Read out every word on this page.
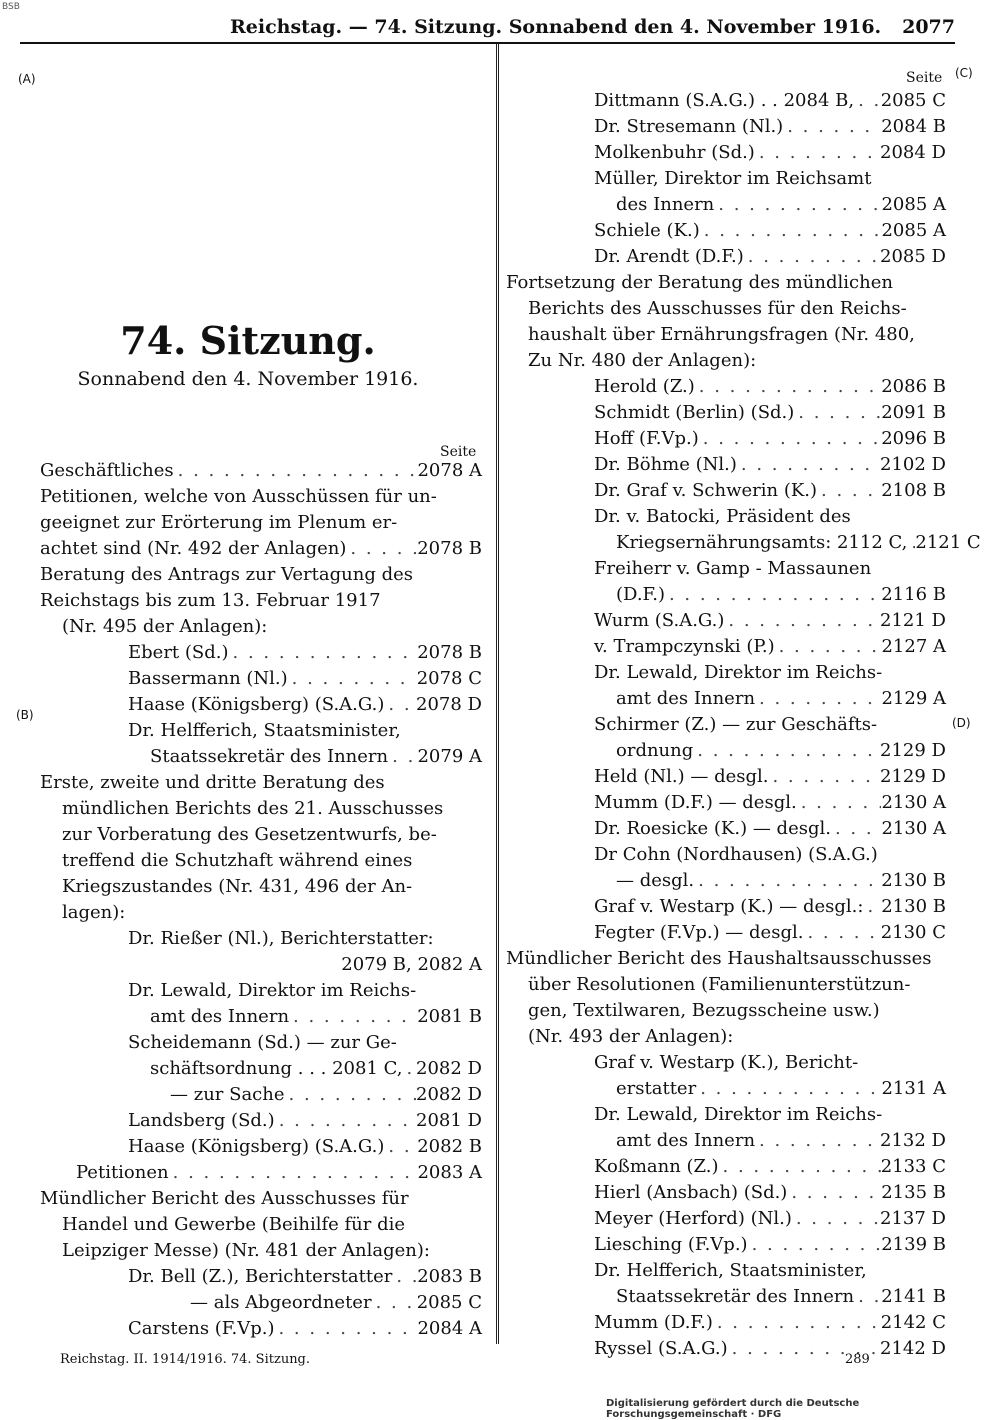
BSB
Reichstag. — 74. Sitzung. Sonnabend den 4. November 1916. 2077
(A)
(B)
(C)
(D)
74. Sitzung.
Sonnabend den 4. November 1916.
Seite
Seite
Geschäftliches . . .	2078 A
Petitionen, welche von Ausschüssen für un-
geeignet zur Erörterung im Plenum er-
achtet sind (Nr. 492 der Anlagen) . . .	2078 B
Beratung des Antrags zur Vertagung des
Reichstags bis zum 13. Februar 1917
(Nr. 495 der Anlagen):
Ebert (Sd.) . . .	2078 B
Bassermann (Nl.) . . .	2078 C
Haase (Königsberg) (S.A.G.) . . . 2078 D
Dr. Helfferich, Staatsminister,
Staatssekretär des Innern . . . 2079 A
Erste, zweite und dritte Beratung des
mündlichen Berichts des 21. Ausschusses
zur Vorberatung des Gesetzentwurfs, be-
treffend die Schutzhaft während eines
Kriegszustandes (Nr. 431, 496 der An-
lagen):
Dr. Rießer (Nl.), Berichterstatter:
2079 B, 2082 A
Dr. Lewald, Direktor im Reichs-
amt des Innern . . .	2081 B
Scheidemann (Sd.) — zur Ge-
schäftsordnung . . . 2081 C, . . . 2082 D
— zur Sache . . .	2082 D
Landsberg (Sd.) . . .	2081 D
Haase (Königsberg) (S.A.G.) . . . 2082 B
Petitionen . . .	2083 A
Mündlicher Bericht des Ausschusses für
Handel und Gewerbe (Beihilfe für die
Leipziger Messe) (Nr. 481 der Anlagen):
Dr. Bell (Z.), Berichterstatter . . . 2083 B
— als Abgeordneter . . .	2085 C
Carstens (F.Vp.) . . .	2084 A
Dittmann (S.A.G.) . . 2084 B, . . . 2085 C
Dr. Stresemann (Nl.) . . .	2084 B
Molkenbuhr (Sd.) . . .	2084 D
Müller, Direktor im Reichsamt
des Innern . . .	2085 A
Schiele (K.) . . .	2085 A
Dr. Arendt (D.F.) . . .	2085 D
Fortsetzung der Beratung des mündlichen
Berichts des Ausschusses für den Reichs-
haushalt über Ernährungsfragen (Nr. 480,
Zu Nr. 480 der Anlagen):
Herold (Z.) . . .	2086 B
Schmidt (Berlin) (Sd.) . . .	2091 B
Hoff (F.Vp.) . . .	2096 B
Dr. Böhme (Nl.) . . .	2102 D
Dr. Graf v. Schwerin (K.) . . .	2108 B
Dr. v. Batocki, Präsident des
Kriegsernährungsamts: 2112 C, . . . 2121 C
Freiherr v. Gamp - Massaunen
(D.F.) . . .	2116 B
Wurm (S.A.G.) . . .	2121 D
v. Trampczynski (P.) . . .	2127 A
Dr. Lewald, Direktor im Reichs-
amt des Innern . . .	2129 A
Schirmer (Z.) — zur Geschäfts-
ordnung . . .	2129 D
Held (Nl.) — desgl. . . .	2129 D
Mumm (D.F.) — desgl. . . .	2130 A
Dr. Roesicke (K.) — desgl. . . .	2130 A
Dr Cohn (Nordhausen) (S.A.G.)
— desgl. . . .	2130 B
Graf v. Westarp (K.) — desgl.: . . . 2130 B
Fegter (F.Vp.) — desgl. . . .	2130 C
Mündlicher Bericht des Haushaltsausschusses
über Resolutionen (Familienunterstützun-
gen, Textilwaren, Bezugsscheine usw.)
(Nr. 493 der Anlagen):
Graf v. Westarp (K.), Bericht-
erstatter . . .	2131 A
Dr. Lewald, Direktor im Reichs-
amt des Innern . . .	2132 D
Koßmann (Z.) . . .	2133 C
Hierl (Ansbach) (Sd.) . . .	2135 B
Meyer (Herford) (Nl.) . . .	2137 D
Liesching (F.Vp.) . . .	2139 B
Dr. Helfferich, Staatsminister,
Staatssekretär des Innern . . . 2141 B
Mumm (D.F.) . . .	2142 C
Ryssel (S.A.G.) . . .	2142 D
Reichstag. II. 1914/1916. 74. Sitzung.	289
Digitalisierung gefördert durch die Deutsche Forschungsgemeinschaft · DFG
